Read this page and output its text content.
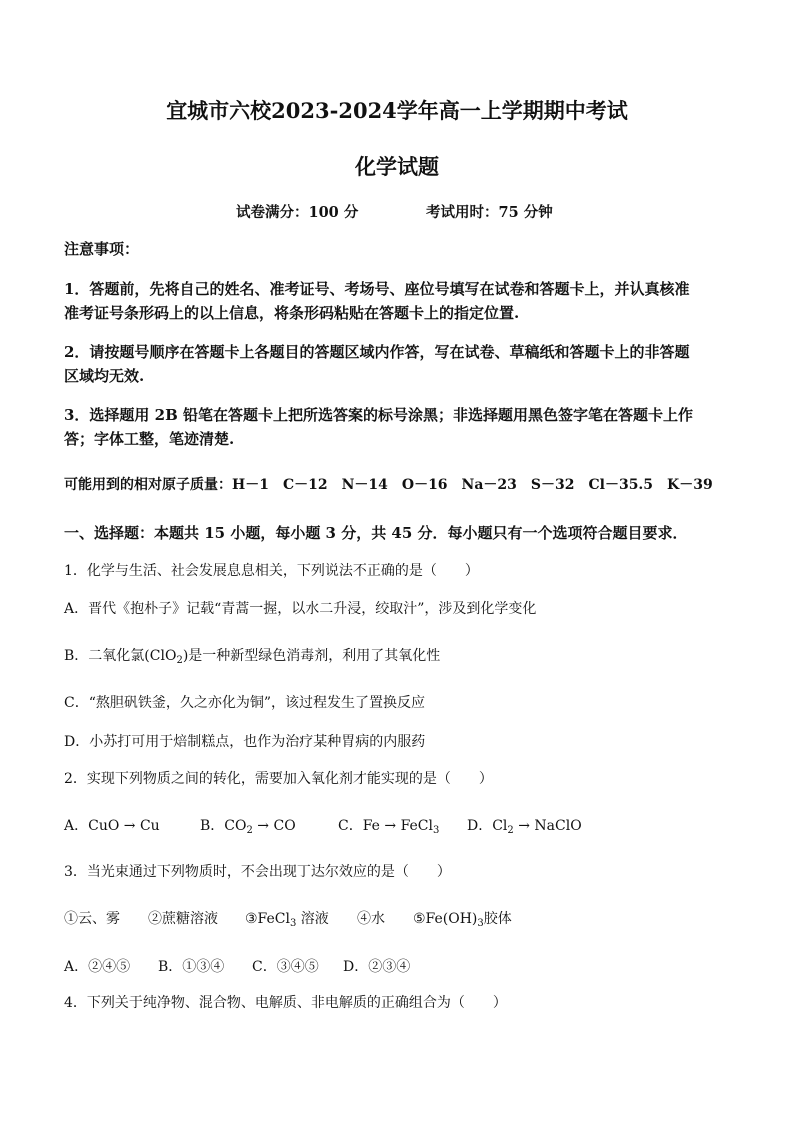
宜城市六校2023-2024学年高一上学期期中考试
化学试题
试卷满分：100 分	考试用时：75 分钟
注意事项：
1．答题前，先将自己的姓名、准考证号、考场号、座位号填写在试卷和答题卡上，并认真核准
准考证号条形码上的以上信息，将条形码粘贴在答题卡上的指定位置.
2．请按题号顺序在答题卡上各题目的答题区域内作答，写在试卷、草稿纸和答题卡上的非答题
区域均无效.
3．选择题用 2B 铅笔在答题卡上把所选答案的标号涂黑；非选择题用黑色签字笔在答题卡上作
答；字体工整，笔迹清楚.
可能用到的相对原子质量：H－1　C－12　N－14　O－16　Na－23　S－32　Cl－35.5　K－39
一、选择题：本题共 15 小题，每小题 3 分，共 45 分．每小题只有一个选项符合题目要求．
1．化学与生活、社会发展息息相关，下列说法不正确的是（　　）
A．晋代《抱朴子》记载“青蒿一握，以水二升浸，绞取汁”，涉及到化学变化
B．二氧化氯(ClO$_2$)是一种新型绿色消毒剂，利用了其氧化性
C．“熬胆矾铁釜，久之亦化为铜”，该过程发生了置换反应
D．小苏打可用于焙制糕点，也作为治疗某种胃病的内服药
2．实现下列物质之间的转化，需要加入氧化剂才能实现的是（　　）
A．CuO → Cu	B．$CO_2$ → CO	C．Fe → FeCl$_3$ D．$Cl_2$ → NaClO
3．当光束通过下列物质时，不会出现丁达尔效应的是（　　）
①云、雾 ②蔗糖溶液 ③FeCl$_3$ 溶液 ④水 $⑤Fe(OH)_3$胶体
A．②④⑤ B．①③④ C．③④⑤ D．②③④
4．下列关于纯净物、混合物、电解质、非电解质的正确组合为（　　）
